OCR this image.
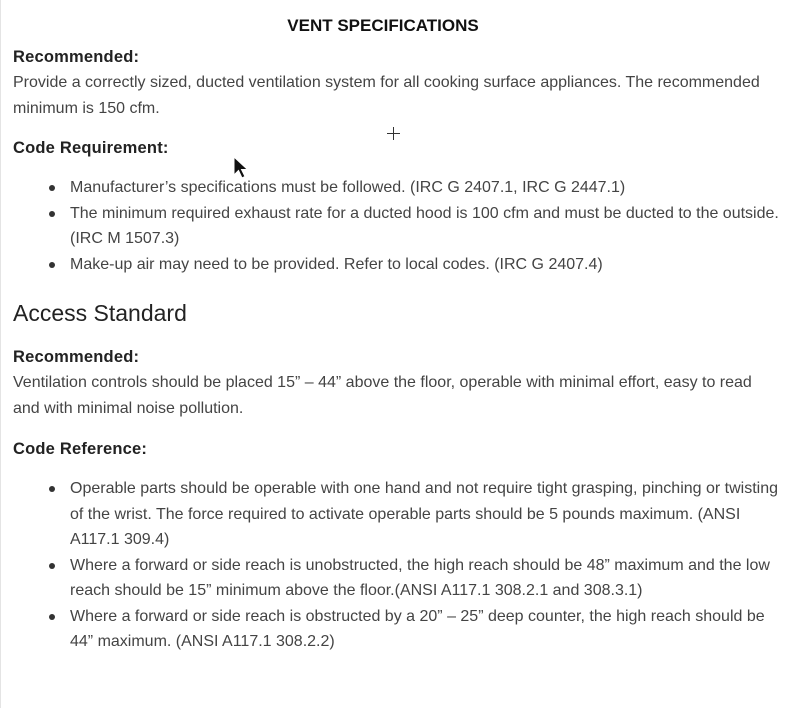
VENT SPECIFICATIONS
Recommended:
Provide a correctly sized, ducted ventilation system for all cooking surface appliances. The recommended minimum is 150 cfm.
Code Requirement:
Manufacturer’s specifications must be followed. (IRC G 2407.1, IRC G 2447.1)
The minimum required exhaust rate for a ducted hood is 100 cfm and must be ducted to the outside. (IRC M 1507.3)
Make-up air may need to be provided. Refer to local codes. (IRC G 2407.4)
Access Standard
Recommended:
Ventilation controls should be placed 15” – 44” above the floor, operable with minimal effort, easy to read and with minimal noise pollution.
Code Reference:
Operable parts should be operable with one hand and not require tight grasping, pinching or twisting of the wrist. The force required to activate operable parts should be 5 pounds maximum. (ANSI A117.1 309.4)
Where a forward or side reach is unobstructed, the high reach should be 48” maximum and the low reach should be 15” minimum above the floor.(ANSI A117.1 308.2.1 and 308.3.1)
Where a forward or side reach is obstructed by a 20” – 25” deep counter, the high reach should be 44” maximum. (ANSI A117.1 308.2.2)
